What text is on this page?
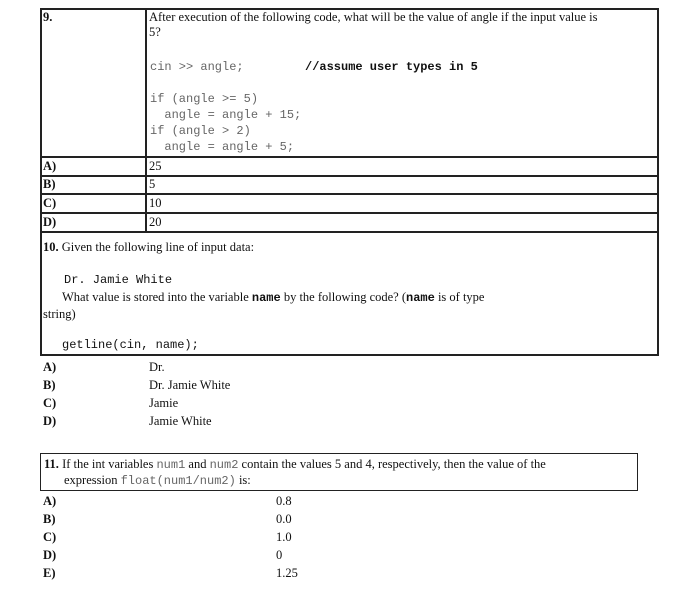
9.	After execution of the following code, what will be the value of angle if the input value is
5?
cin >> angle;	//assume user types in 5
if (angle >= 5)
angle = angle + 15;
if (angle > 2)
angle = angle + 5;
A)	25
B)	5
C)	10
D)	20
10. Given the following line of input data:
Dr. Jamie White
What value is stored into the variable name by the following code? (name is of type
string)
getline(cin, name);
A)	Dr.
B)	Dr. Jamie White
C)	Jamie
D)	Jamie White
11. If the int variables num1 and num2 contain the values 5 and 4, respectively, then the value of the
expression float(num1/num2) is:
A)	0.8
B)	0.0
C)	1.0
D)	0
E)	1.25
